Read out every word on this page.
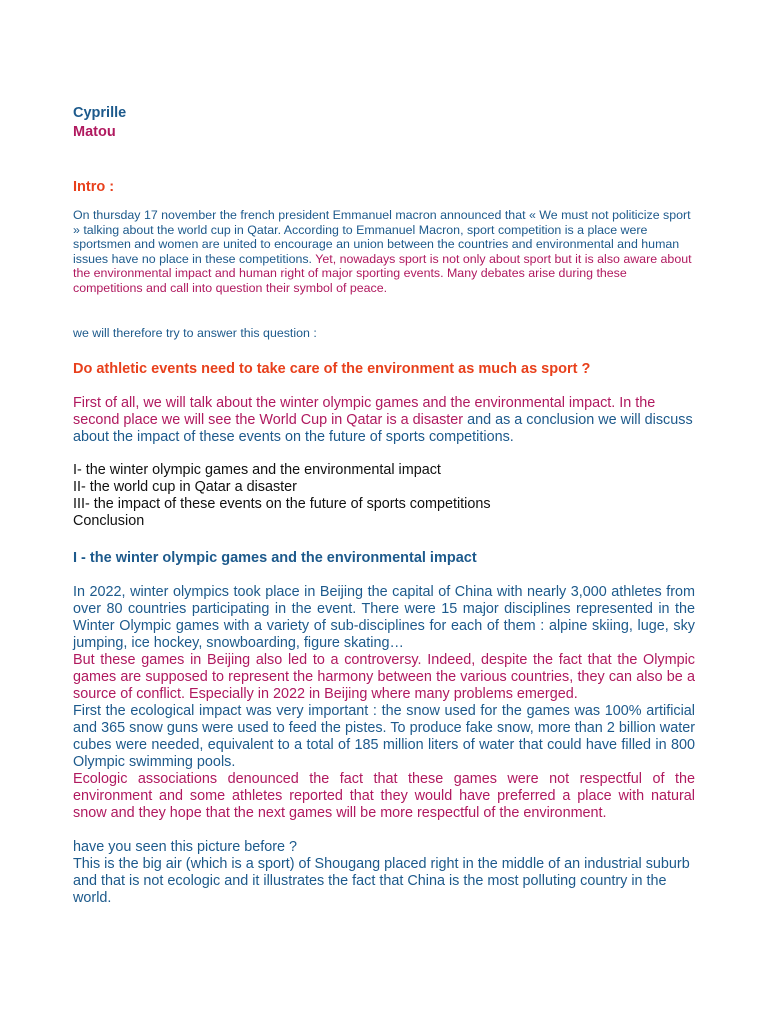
Cyprille
Matou
Intro :
On thursday 17 november the french president Emmanuel macron announced that « We must not politicize sport » talking about the world cup in Qatar. According to Emmanuel Macron, sport competition is a place were sportsmen and women are united to encourage an union between the countries and environmental and human issues have no place in these competitions. Yet, nowadays sport is not only about sport but it is also aware about the environmental impact and human right of major sporting events. Many debates arise during these competitions and call into question their symbol of peace.
we will therefore try to answer this question :
Do athletic events need to take care of the environment as much as sport ?
First of all, we will talk about the winter olympic games and the environmental impact. In the second place we will see the World Cup in Qatar is a disaster and as a conclusion we will discuss about the impact of these events on the future of sports competitions.
I- the winter olympic games and the environmental impact
II- the world cup in Qatar a disaster
III- the impact of these events on the future of sports competitions
Conclusion
I - the winter olympic games and the environmental impact
In 2022, winter olympics took place in Beijing the capital of China with nearly 3,000 athletes from over 80 countries participating in the event. There were 15 major disciplines represented in the Winter Olympic games with a variety of sub-disciplines for each of them : alpine skiing, luge, sky jumping, ice hockey, snowboarding, figure skating…
But these games in Beijing also led to a controversy. Indeed, despite the fact that the Olympic games are supposed to represent the harmony between the various countries, they can also be a source of conflict. Especially in 2022 in Beijing where many problems emerged.
First the ecological impact was very important : the snow used for the games was 100% artificial and 365 snow guns were used to feed the pistes. To produce fake snow, more than 2 billion water cubes were needed, equivalent to a total of 185 million liters of water that could have filled in 800 Olympic swimming pools.
Ecologic associations denounced the fact that these games were not respectful of the environment and some athletes reported that they would have preferred a place with natural snow and they hope that the next games will be more respectful of the environment.
have you seen this picture before ?
This is the big air (which is a sport) of Shougang placed right in the middle of an industrial suburb and that is not ecologic and it illustrates the fact that China is the most polluting country in the world.
